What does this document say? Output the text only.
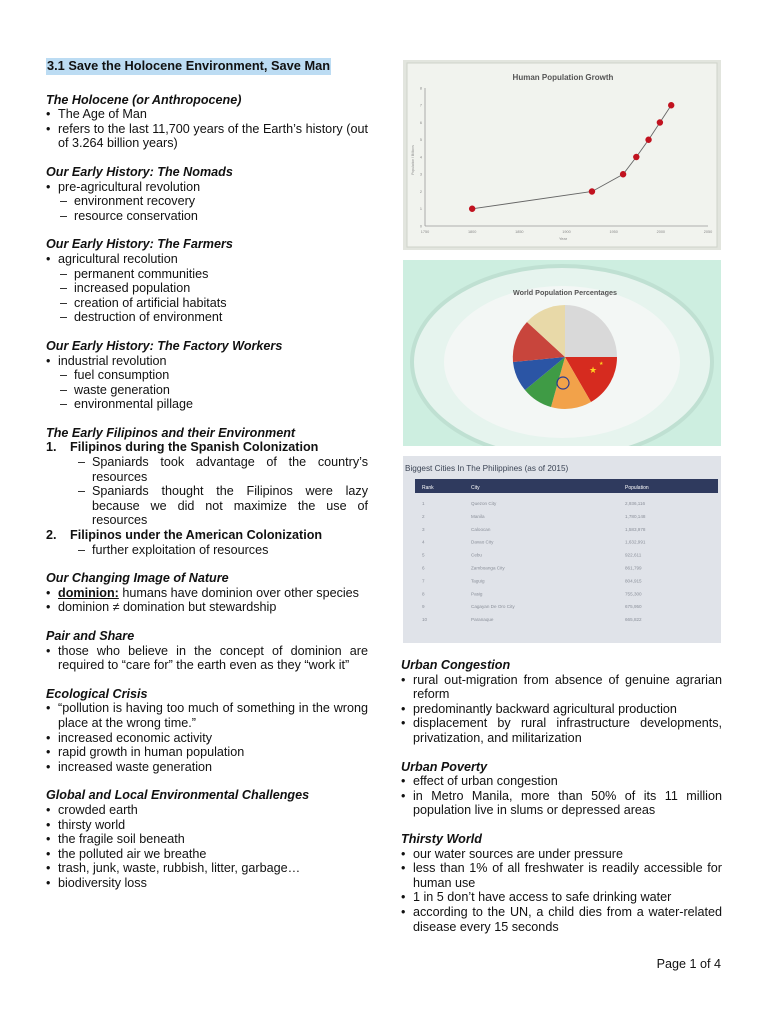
3.1 Save the Holocene Environment, Save Man
The Holocene (or Anthropocene)
• The Age of Man
• refers to the last 11,700 years of the Earth’s history (out of 3.264 billion years)
Our Early History: The Nomads
• pre-agricultural revolution
– environment recovery
– resource conservation
Our Early History: The Farmers
• agricultural recolution
– permanent communities
– increased population
– creation of artificial habitats
– destruction of environment
Our Early History: The Factory Workers
• industrial revolution
– fuel consumption
– waste generation
– environmental pillage
The Early Filipinos and their Environment
1. Filipinos during the Spanish Colonization
– Spaniards took advantage of the country’s resources
– Spaniards thought the Filipinos were lazy because we did not maximize the use of resources
2. Filipinos under the American Colonization
– further exploitation of resources
Our Changing Image of Nature
• dominion: humans have dominion over other species
• dominion ≠ domination but stewardship
Pair and Share
• those who believe in the concept of dominion are required to “care for” the earth even as they “work it”
Ecological Crisis
• “pollution is having too much of something in the wrong place at the wrong time.”
• increased economic activity
• rapid growth in human population
• increased waste generation
Global and Local Environmental Challenges
• crowded earth
• thirsty world
• the fragile soil beneath
• the polluted air we breathe
• trash, junk, waste, rubbish, litter, garbage…
• biodiversity loss
Human Population Growth
Population / Billions
Year
1750	1800	1850	1900	1950	2000	2050
0
1
2
3
4
5
6
7
8
World Population Percentages
★
★
Biggest Cities In The Philippines (as of 2015)
Rank	City	Population
1	Quezon City	2,936,116
2	Manila	1,780,148
3	Caloocan	1,583,978
4	Davao City	1,632,991
5	Cebu	922,611
6	Zamboanga City	861,799
7	Taguig	804,915
8	Pasig	755,300
9	Cagayan De Oro City	675,950
10	Paranaque	665,822
Urban Congestion
• rural out-migration from absence of genuine agrarian reform
• predominantly backward agricultural production
• displacement by rural infrastructure developments, privatization, and militarization
Urban Poverty
• effect of urban congestion
• in Metro Manila, more than 50% of its 11 million population live in slums or depressed areas
Thirsty World
• our water sources are under pressure
• less than 1% of all freshwater is readily accessible for human use
• 1 in 5 don’t have access to safe drinking water
• according to the UN, a child dies from a water-related disease every 15 seconds
Page 1 of 4
